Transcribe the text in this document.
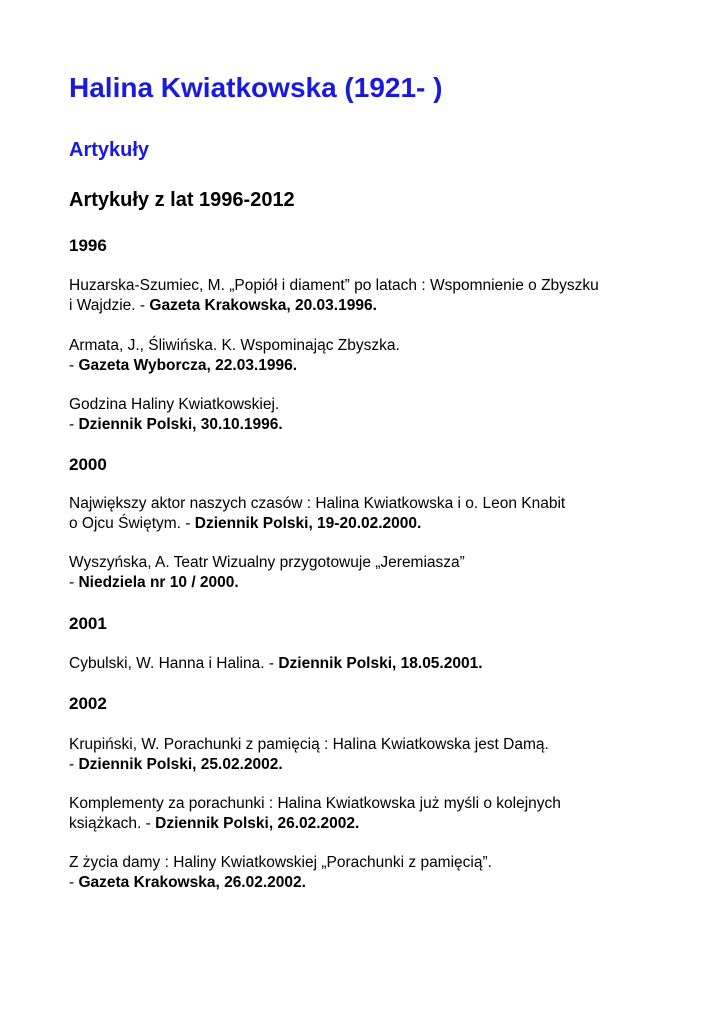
Halina Kwiatkowska (1921- )
Artykuły
Artykuły z lat 1996-2012
1996

Huzarska-Szumiec, M. „Popiół i diament” po latach : Wspomnienie o Zbyszku
i Wajdzie. - Gazeta Krakowska, 20.03.1996.

Armata, J., Śliwińska. K. Wspominając Zbyszka.
- Gazeta Wyborcza, 22.03.1996.

Godzina Haliny Kwiatkowskiej.
- Dziennik Polski, 30.10.1996.

2000

Największy aktor naszych czasów : Halina Kwiatkowska i o. Leon Knabit
o Ojcu Świętym. - Dziennik Polski, 19-20.02.2000.

Wyszyńska, A. Teatr Wizualny przygotowuje „Jeremiasza”
- Niedziela nr 10 / 2000.

2001

Cybulski, W. Hanna i Halina. - Dziennik Polski, 18.05.2001.

2002

Krupiński, W. Porachunki z pamięcią : Halina Kwiatkowska jest Damą.
- Dziennik Polski, 25.02.2002.

Komplementy za porachunki : Halina Kwiatkowska już myśli o kolejnych
książkach. - Dziennik Polski, 26.02.2002.

Z życia damy : Haliny Kwiatkowskiej „Porachunki z pamięcią”.
- Gazeta Krakowska, 26.02.2002.
